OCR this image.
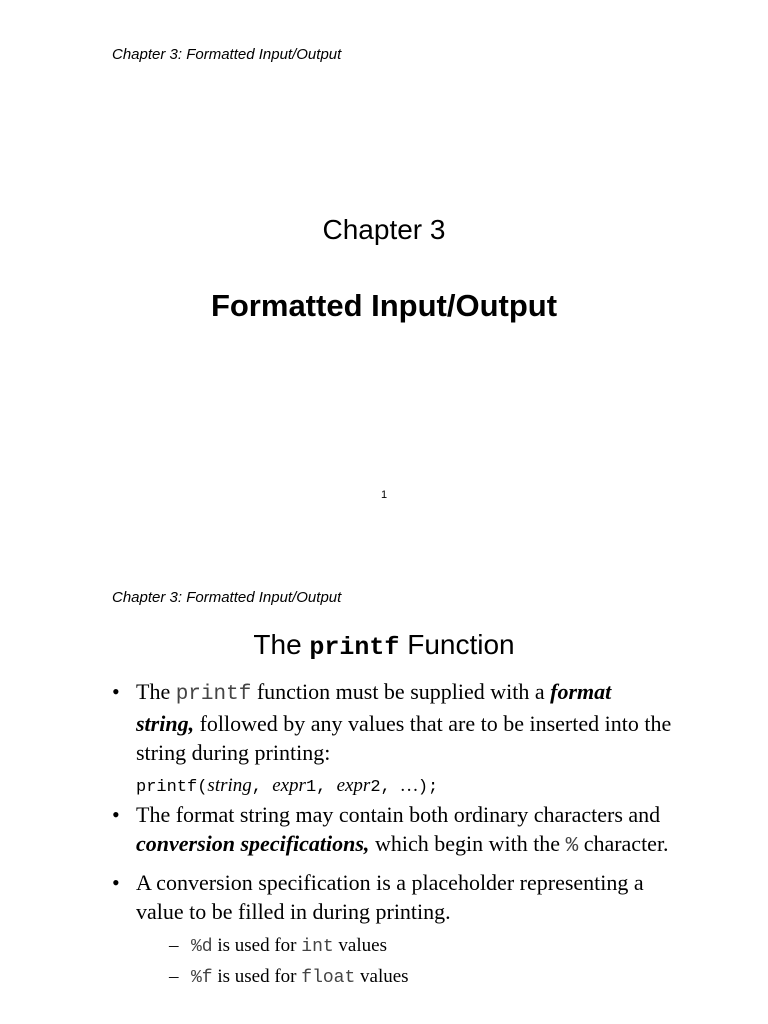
Chapter 3: Formatted Input/Output
Chapter 3
Formatted Input/Output
1
Chapter 3: Formatted Input/Output
The printf Function
• The printf function must be supplied with a format string, followed by any values that are to be inserted into the string during printing:
printf(string, expr1, expr2, …);
• The format string may contain both ordinary characters and conversion specifications, which begin with the % character.
• A conversion specification is a placeholder representing a value to be filled in during printing.
– %d is used for int values
– %f is used for float values
